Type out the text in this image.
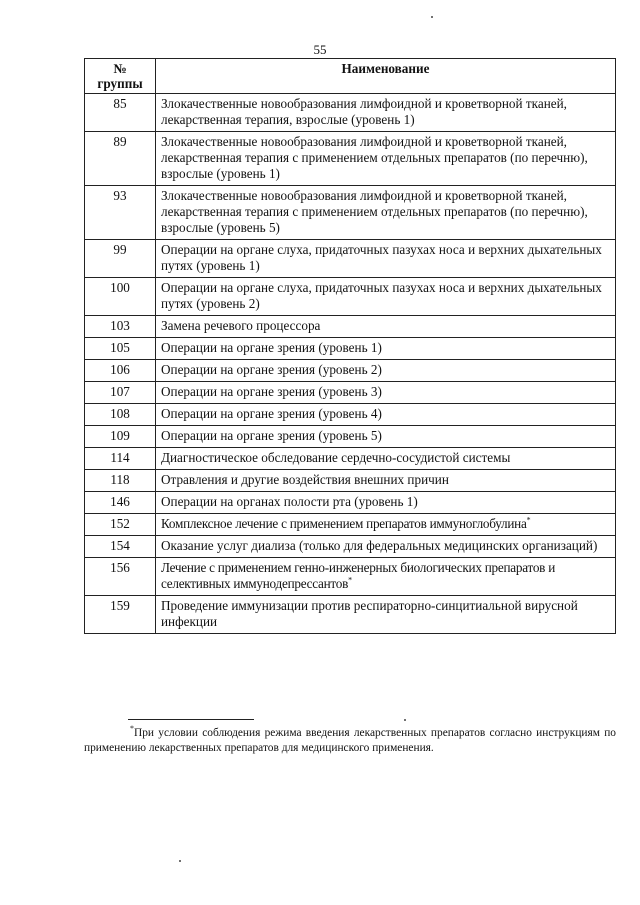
55
№
группы	Наименование
85	Злокачественные новообразования лимфоидной и кроветворной тканей, лекарственная терапия, взрослые (уровень 1)
89	Злокачественные новообразования лимфоидной и кроветворной тканей, лекарственная терапия с применением отдельных препаратов (по перечню), взрослые (уровень 1)
93	Злокачественные новообразования лимфоидной и кроветворной тканей, лекарственная терапия с применением отдельных препаратов (по перечню), взрослые (уровень 5)
99	Операции на органе слуха, придаточных пазухах носа и верхних дыхательных путях (уровень 1)
100	Операции на органе слуха, придаточных пазухах носа и верхних дыхательных путях (уровень 2)
103	Замена речевого процессора
105	Операции на органе зрения (уровень 1)
106	Операции на органе зрения (уровень 2)
107	Операции на органе зрения (уровень 3)
108	Операции на органе зрения (уровень 4)
109	Операции на органе зрения (уровень 5)
114	Диагностическое обследование сердечно-сосудистой системы
118	Отравления и другие воздействия внешних причин
146	Операции на органах полости рта (уровень 1)
152	Комплексное лечение с применением препаратов иммуноглобулина*
154	Оказание услуг диализа (только для федеральных медицинских организаций)
156	Лечение с применением генно-инженерных биологических препаратов и селективных иммунодепрессантов*
159	Проведение иммунизации против респираторно-синцитиальной вирусной инфекции
*При условии соблюдения режима введения лекарственных препаратов согласно инструкциям по применению лекарственных препаратов для медицинского применения.
